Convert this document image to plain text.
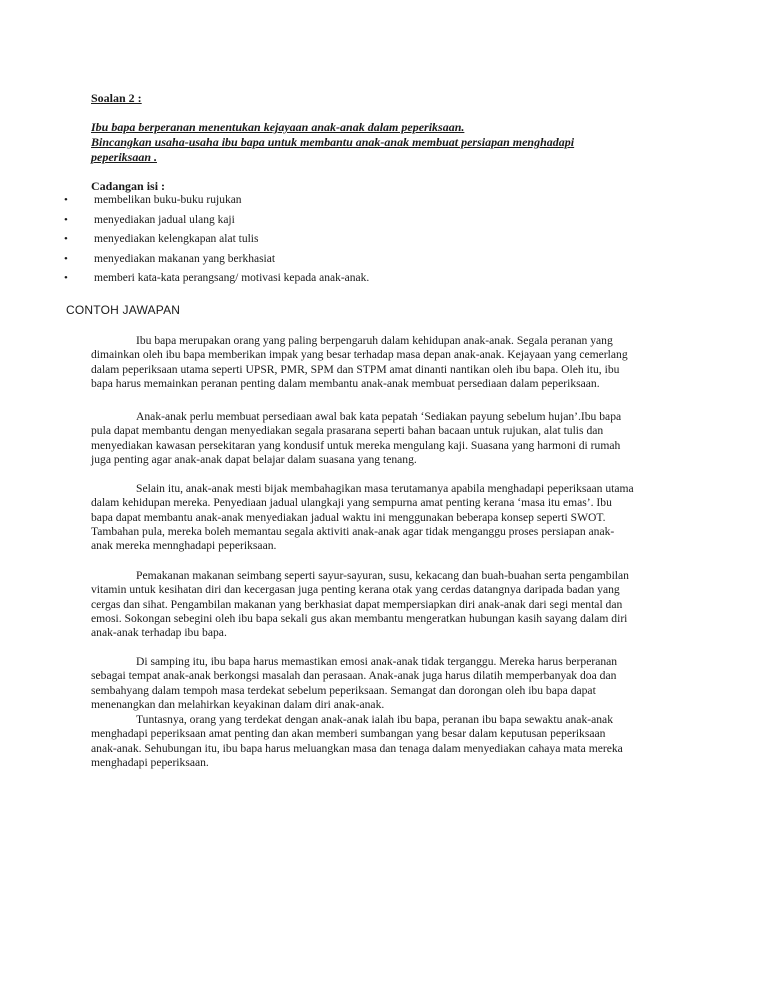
Soalan 2 :
Ibu bapa berperanan menentukan kejayaan anak-anak dalam peperiksaan.
Bincangkan usaha-usaha ibu bapa untuk membantu anak-anak membuat persiapan menghadapi
peperiksaan .
Cadangan isi :
• membelikan buku-buku rujukan
• menyediakan jadual ulang kaji
• menyediakan kelengkapan alat tulis
• menyediakan makanan yang berkhasiat
• memberi kata-kata perangsang/ motivasi kepada anak-anak.
CONTOH JAWAPAN
Ibu bapa merupakan orang yang paling berpengaruh dalam kehidupan anak-anak. Segala peranan yang
dimainkan oleh ibu bapa memberikan impak yang besar terhadap masa depan anak-anak. Kejayaan yang cemerlang
dalam peperiksaan utama seperti UPSR, PMR, SPM dan STPM amat dinanti nantikan oleh ibu bapa. Oleh itu, ibu
bapa harus memainkan peranan penting dalam membantu anak-anak membuat persediaan dalam peperiksaan.
Anak-anak perlu membuat persediaan awal bak kata pepatah ‘Sediakan payung sebelum hujan’.Ibu bapa
pula dapat membantu dengan menyediakan segala prasarana seperti bahan bacaan untuk rujukan, alat tulis dan
menyediakan kawasan persekitaran yang kondusif untuk mereka mengulang kaji. Suasana yang harmoni di rumah
juga penting agar anak-anak dapat belajar dalam suasana yang tenang.
Selain itu, anak-anak mesti bijak membahagikan masa terutamanya apabila menghadapi peperiksaan utama
dalam kehidupan mereka. Penyediaan jadual ulangkaji yang sempurna amat penting kerana ‘masa itu emas’. Ibu
bapa dapat membantu anak-anak menyediakan jadual waktu ini menggunakan beberapa konsep seperti SWOT.
Tambahan pula, mereka boleh memantau segala aktiviti anak-anak agar tidak menganggu proses persiapan anak-
anak mereka mennghadapi peperiksaan.
Pemakanan makanan seimbang seperti sayur-sayuran, susu, kekacang dan buah-buahan serta pengambilan
vitamin untuk kesihatan diri dan kecergasan juga penting kerana otak yang cerdas datangnya daripada badan yang
cergas dan sihat. Pengambilan makanan yang berkhasiat dapat mempersiapkan diri anak-anak dari segi mental dan
emosi. Sokongan sebegini oleh ibu bapa sekali gus akan membantu mengeratkan hubungan kasih sayang dalam diri
anak-anak terhadap ibu bapa.
Di samping itu, ibu bapa harus memastikan emosi anak-anak tidak terganggu. Mereka harus berperanan
sebagai tempat anak-anak berkongsi masalah dan perasaan. Anak-anak juga harus dilatih memperbanyak doa dan
sembahyang dalam tempoh masa terdekat sebelum peperiksaan. Semangat dan dorongan oleh ibu bapa dapat
menenangkan dan melahirkan keyakinan dalam diri anak-anak.
Tuntasnya, orang yang terdekat dengan anak-anak ialah ibu bapa, peranan ibu bapa sewaktu anak-anak
menghadapi peperiksaan amat penting dan akan memberi sumbangan yang besar dalam keputusan peperiksaan
anak-anak. Sehubungan itu, ibu bapa harus meluangkan masa dan tenaga dalam menyediakan cahaya mata mereka
menghadapi peperiksaan.
